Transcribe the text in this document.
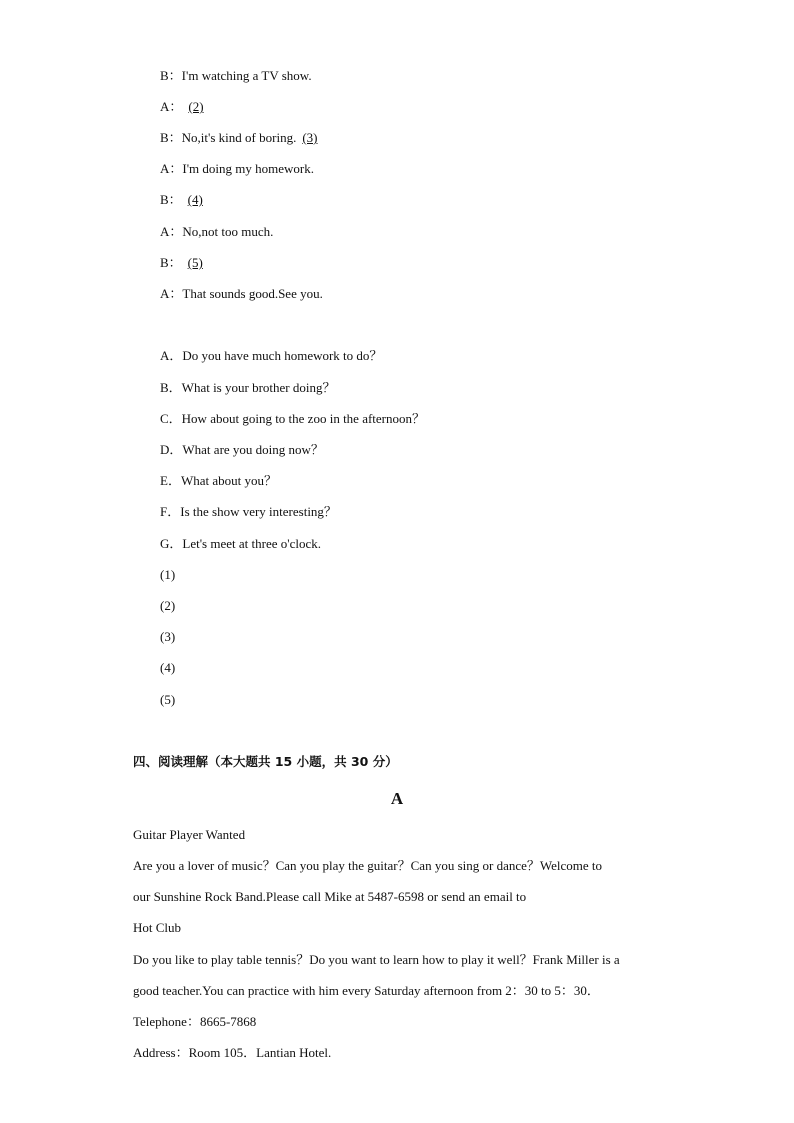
B：I'm watching a TV show.
A： (2)
B：No,it's kind of boring. (3)
A：I'm doing my homework.
B： (4)
A：No,not too much.
B： (5)
A：That sounds good.See you.
A．Do you have much homework to do？
B．What is your brother doing？
C．How about going to the zoo in the afternoon？
D．What are you doing now？
E．What about you？
F．Is the show very interesting？
G．Let's meet at three o'clock.
(1)
(2)
(3)
(4)
(5)
四、阅读理解（本大题共 15 小题，共 30 分）
A
Guitar Player Wanted
Are you a lover of music？Can you play the guitar？Can you sing or dance？Welcome to
our Sunshine Rock Band.Please call Mike at 5487-6598 or send an email to
Hot Club
Do you like to play table tennis？Do you want to learn how to play it well？Frank Miller is a
good teacher.You can practice with him every Saturday afternoon from 2：30 to 5：30．
Telephone：8665-7868
Address：Room 105．Lantian Hotel.
